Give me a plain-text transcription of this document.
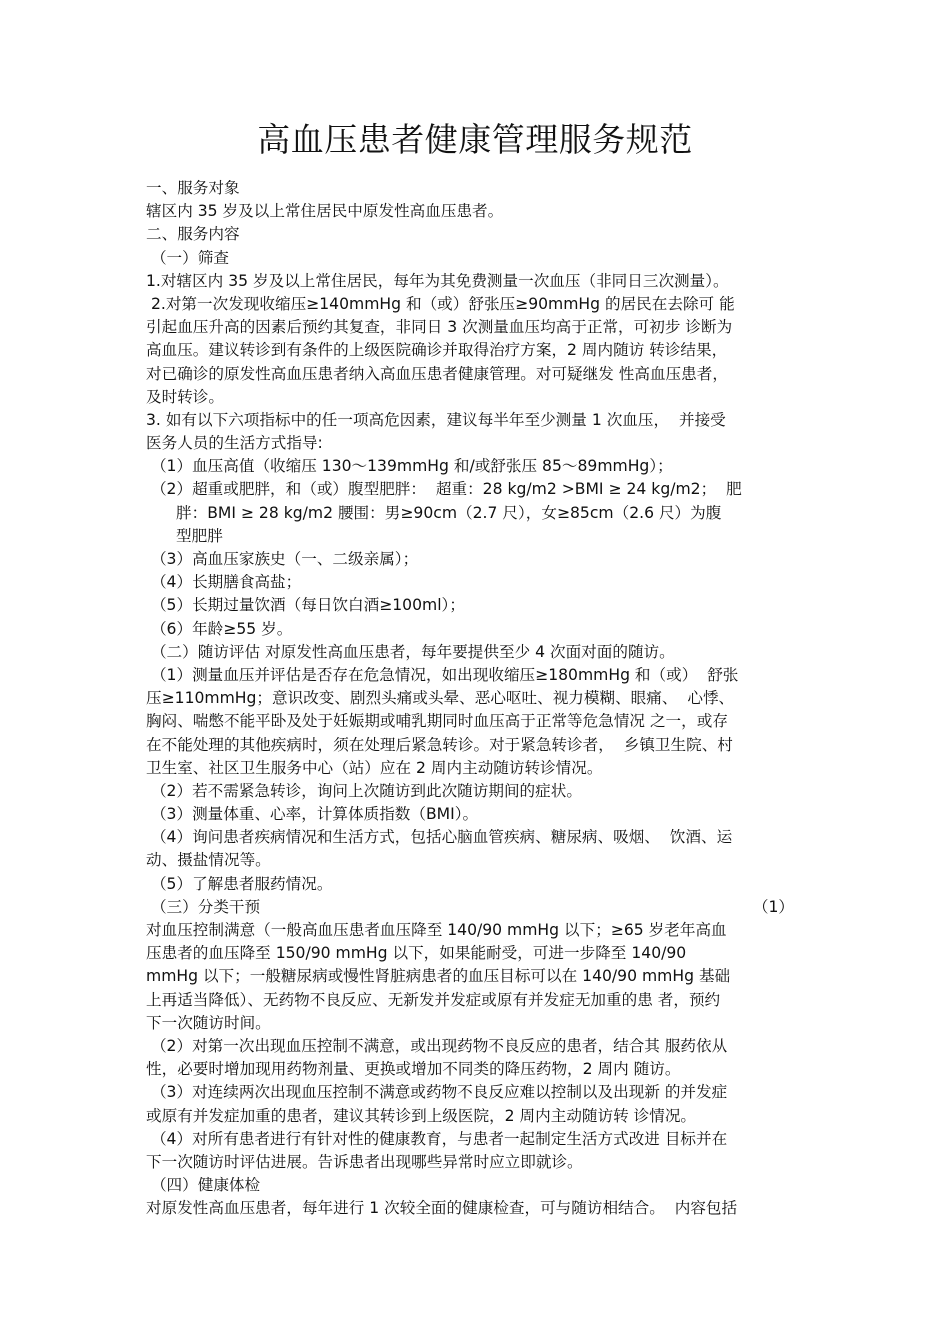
高血压患者健康管理服务规范
一、服务对象
辖区内 35 岁及以上常住居民中原发性高血压患者。
二、服务内容
（一）筛查
1.对辖区内 35 岁及以上常住居民，每年为其免费测量一次血压（非同日三次测量）。
2.对第一次发现收缩压≥140mmHg 和（或）舒张压≥90mmHg 的居民在去除可 能
引起血压升高的因素后预约其复查，非同日 3 次测量血压均高于正常，可初步 诊断为
高血压。建议转诊到有条件的上级医院确诊并取得治疗方案，2 周内随访 转诊结果，
对已确诊的原发性高血压患者纳入高血压患者健康管理。对可疑继发 性高血压患者，
及时转诊。
3. 如有以下六项指标中的任一项高危因素，建议每半年至少测量 1 次血压，  并接受
医务人员的生活方式指导:
（1）血压高值（收缩压 130～139mmHg 和/或舒张压 85～89mmHg）；
（2）超重或肥胖，和（或）腹型肥胖：  超重：28 kg/m2 >BMI ≥ 24 kg/m2；  肥
胖：BMI ≥ 28 kg/m2 腰围：男≥90cm（2.7 尺），女≥85cm（2.6 尺）为腹
型肥胖
（3）高血压家族史（一、二级亲属）；
（4）长期膳食高盐；
（5）长期过量饮酒（每日饮白酒≥100ml）；
（6）年龄≥55 岁。
（二）随访评估 对原发性高血压患者，每年要提供至少 4 次面对面的随访。
（1）测量血压并评估是否存在危急情况，如出现收缩压≥180mmHg 和（或）  舒张
压≥110mmHg；意识改变、剧烈头痛或头晕、恶心呕吐、视力模糊、眼痛、  心悸、
胸闷、喘憋不能平卧及处于妊娠期或哺乳期同时血压高于正常等危急情况 之一，或存
在不能处理的其他疾病时，须在处理后紧急转诊。对于紧急转诊者，  乡镇卫生院、村
卫生室、社区卫生服务中心（站）应在 2 周内主动随访转诊情况。
（2）若不需紧急转诊，询问上次随访到此次随访期间的症状。
（3）测量体重、心率，计算体质指数（BMI）。
（4）询问患者疾病情况和生活方式，包括心脑血管疾病、糖尿病、吸烟、  饮酒、运
动、摄盐情况等。
（5）了解患者服药情况。
（三）分类干预	（1）
对血压控制满意（一般高血压患者血压降至 140/90 mmHg 以下；≥65 岁老年高血
压患者的血压降至 150/90 mmHg 以下，如果能耐受，可进一步降至 140/90
mmHg 以下；一般糖尿病或慢性肾脏病患者的血压目标可以在 140/90 mmHg 基础
上再适当降低）、无药物不良反应、无新发并发症或原有并发症无加重的患 者，预约
下一次随访时间。
（2）对第一次出现血压控制不满意，或出现药物不良反应的患者，结合其 服药依从
性，必要时增加现用药物剂量、更换或增加不同类的降压药物，2 周内 随访。
（3）对连续两次出现血压控制不满意或药物不良反应难以控制以及出现新 的并发症
或原有并发症加重的患者，建议其转诊到上级医院，2 周内主动随访转 诊情况。
（4）对所有患者进行有针对性的健康教育，与患者一起制定生活方式改进 目标并在
下一次随访时评估进展。告诉患者出现哪些异常时应立即就诊。
（四）健康体检
对原发性高血压患者，每年进行 1 次较全面的健康检查，可与随访相结合。  内容包括
